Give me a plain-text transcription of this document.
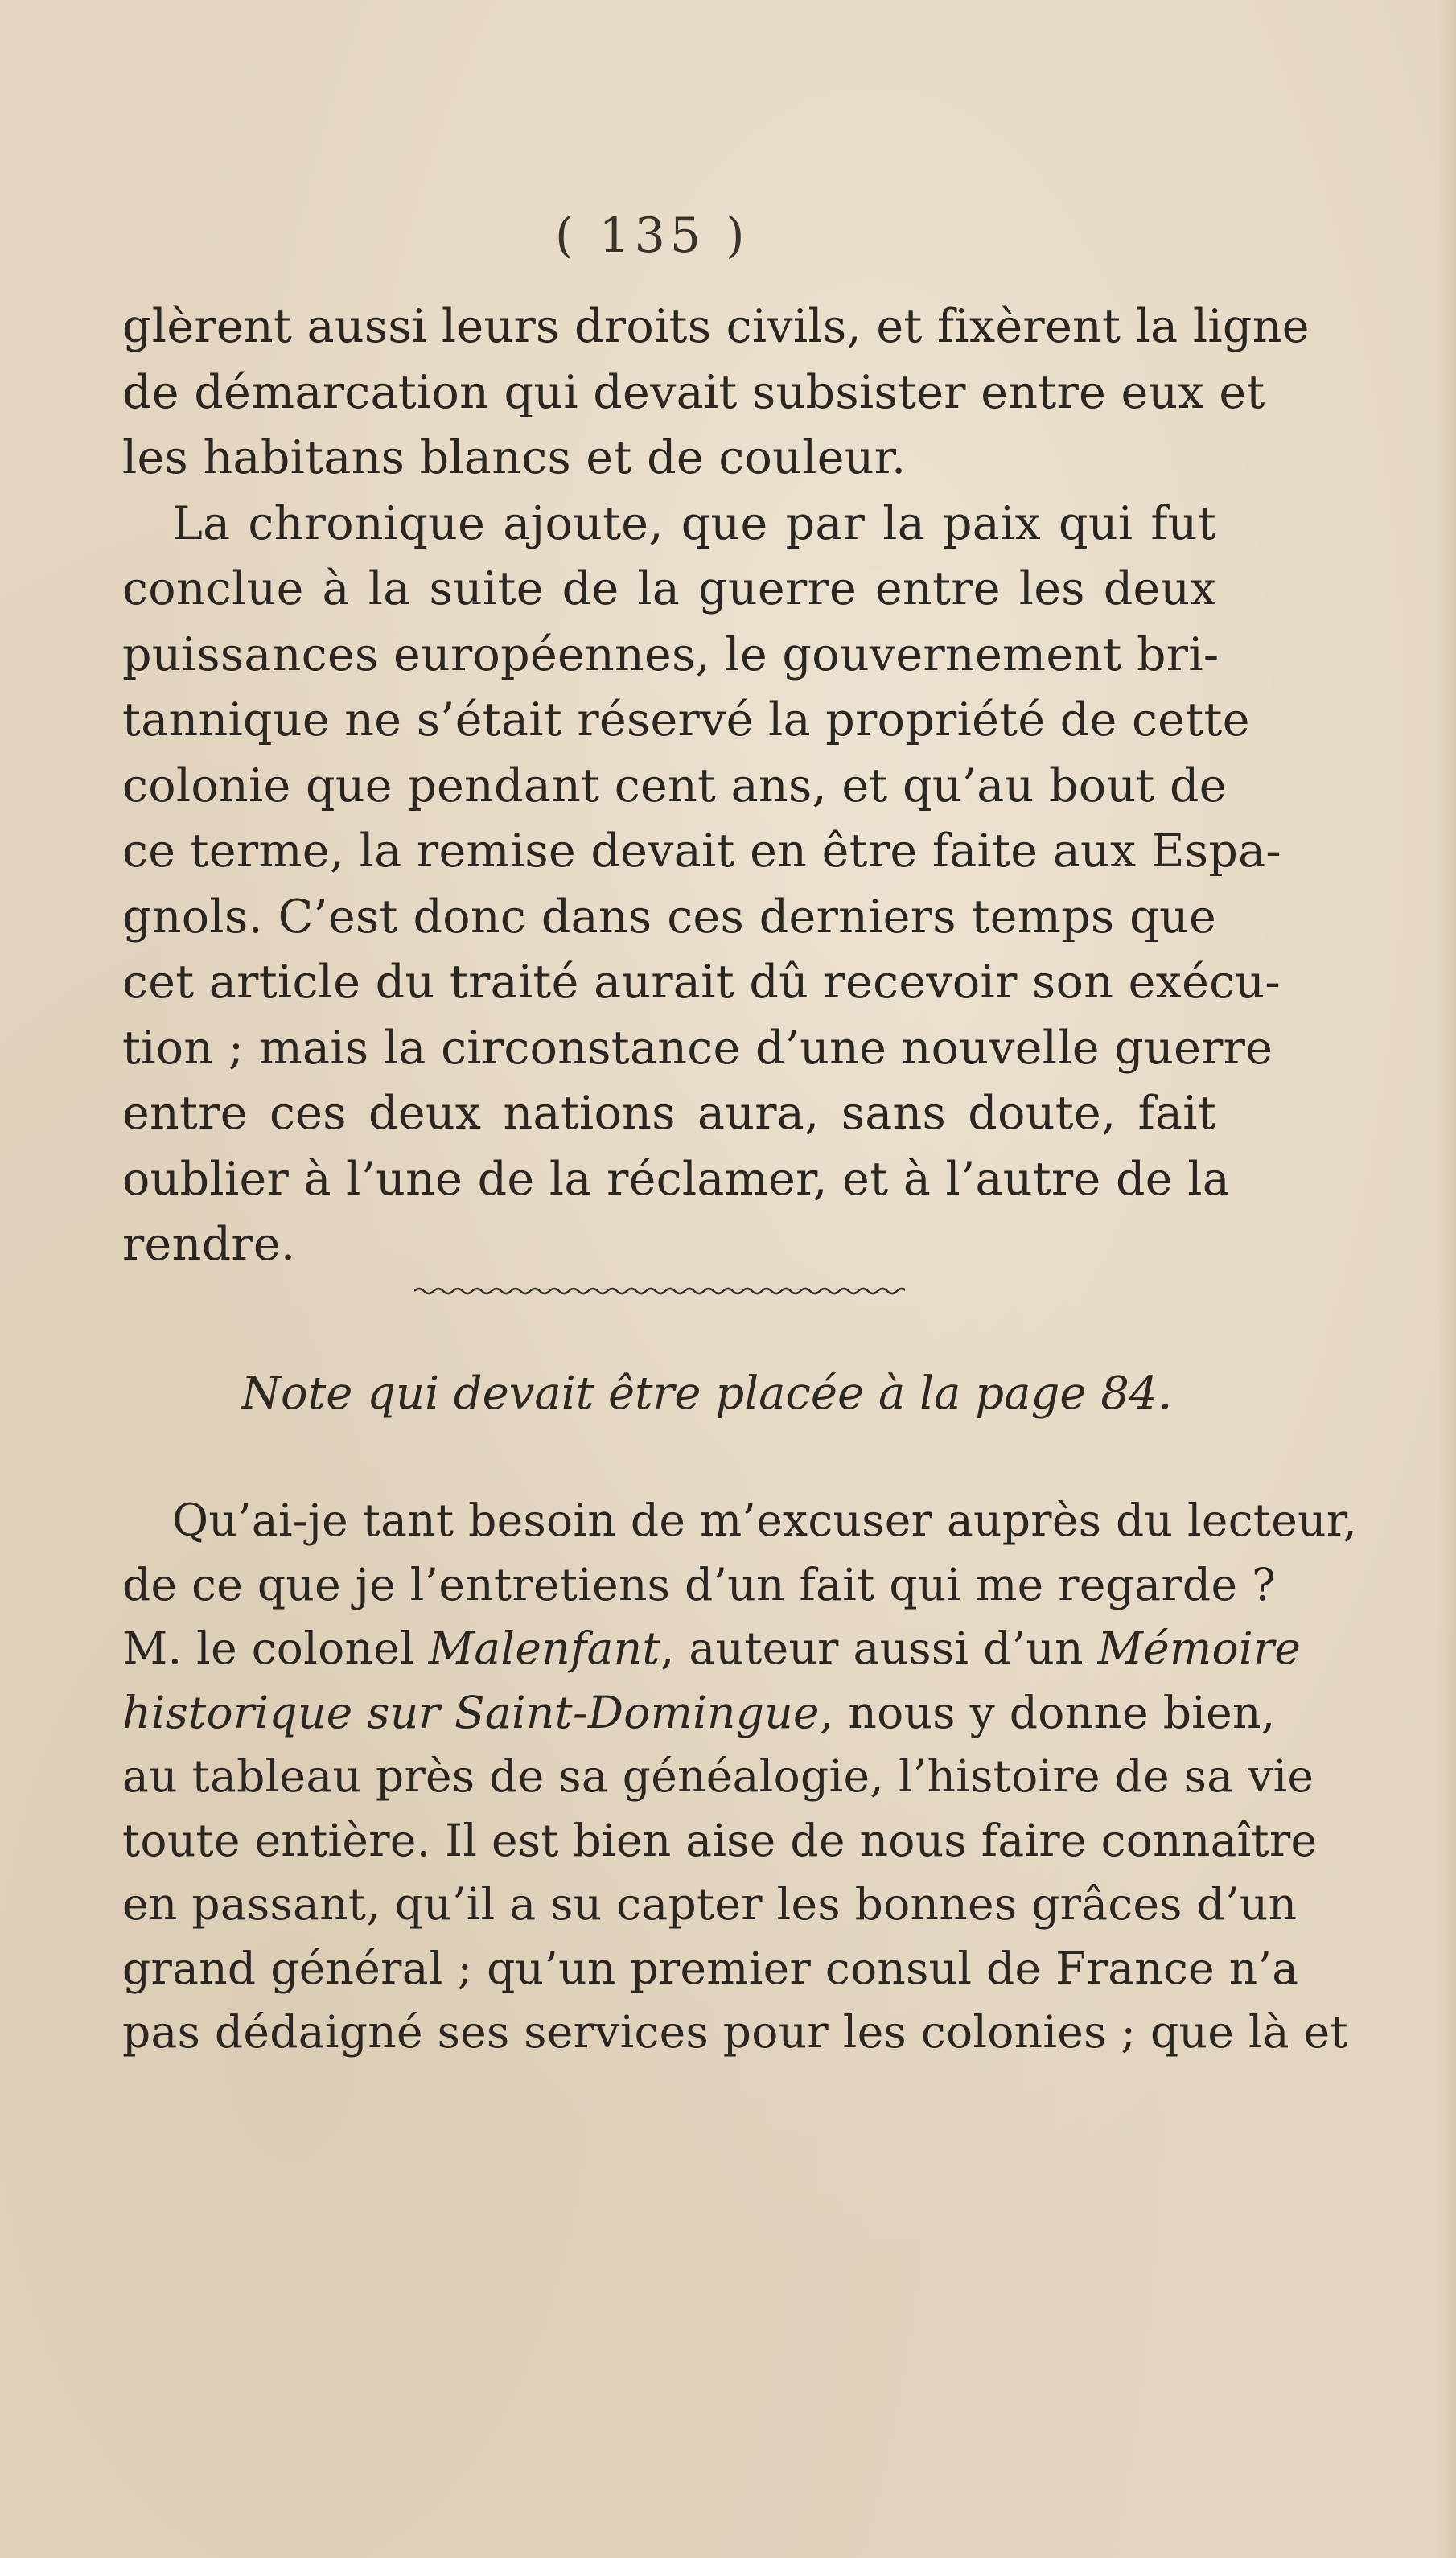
( 135 )
glèrent aussi leurs droits civils, et fixèrent la ligne
de démarcation qui devait subsister entre eux et
les habitans blancs et de couleur.
La chronique ajoute, que par la paix qui fut
conclue à la suite de la guerre entre les deux
puissances européennes, le gouvernement bri-
tannique ne s’était réservé la propriété de cette
colonie que pendant cent ans, et qu’au bout de
ce terme, la remise devait en être faite aux Espa-
gnols. C’est donc dans ces derniers temps que
cet article du traité aurait dû recevoir son exécu-
tion ; mais la circonstance d’une nouvelle guerre
entre ces deux nations aura, sans doute, fait
oublier à l’une de la réclamer, et à l’autre de la
rendre.
Note qui devait être placée à la page 84.
Qu’ai-je tant besoin de m’excuser auprès du lecteur,
de ce que je l’entretiens d’un fait qui me regarde ?
M. le colonel Malenfant, auteur aussi d’un Mémoire
historique sur Saint-Domingue, nous y donne bien,
au tableau près de sa généalogie, l’histoire de sa vie
toute entière. Il est bien aise de nous faire connaître
en passant, qu’il a su capter les bonnes grâces d’un
grand général ; qu’un premier consul de France n’a
pas dédaigné ses services pour les colonies ; que là et
